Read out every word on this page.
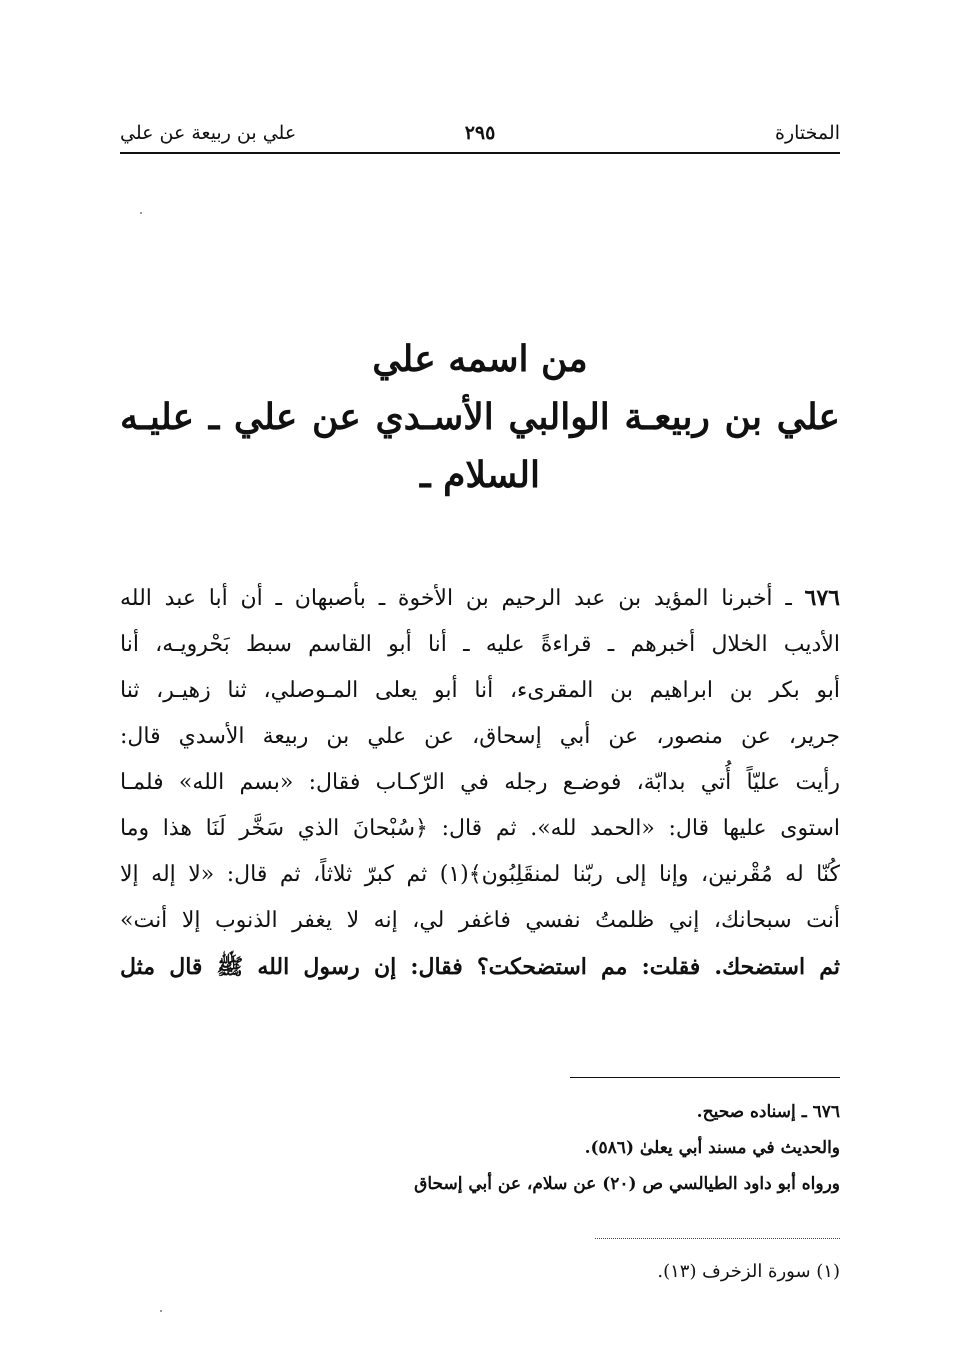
المختارة
٢٩٥
علي بن ربيعة عن علي
من اسمه علي
علي بن ربيعـة الوالبي الأسـدي عن علي ـ عليـه
السلام ـ
٦٧٦ ـ أخبرنا المؤيد بن عبد الرحيم بن الأخوة ـ بأصبهان ـ أن أبا عبد الله
الأديب الخلال أخبرهم ـ قراءةً عليه ـ أنا أبو القاسم سبط بَحْرويـه، أنا
أبو بكر بن ابراهيم بن المقرىء، أنا أبو يعلى المـوصلي، ثنا زهيـر، ثنا
جرير، عن منصور، عن أبي إسحاق، عن علي بن ربيعة الأسدي قال:
رأيت عليّاً أُتي بدابّة، فوضـع رجله في الرّكـاب فقال: «بسم الله» فلمـا
استوى عليها قال: «الحمد لله». ثم قال: ﴿سُبْحانَ الذي سَخَّر لَنَا هذا وما
كُنّا له مُقْرنين، وإنا إلى ربّنا لمنقَلِبُون﴾(١) ثم كبرّ ثلاثاً، ثم قال: «لا إله إلا
أنت سبحانك، إني ظلمتُ نفسي فاغفر لي، إنه لا يغفر الذنوب إلا أنت»
ثم استضحك. فقلت: مم استضحكت؟ فقال: إن رسول الله ﷺ قال مثل
٦٧٦ ـ إسناده صحيح.
والحديث في مسند أبي يعلىٰ (٥٨٦).
ورواه أبو داود الطيالسي ص (٢٠) عن سلام، عن أبي إسحاق
(١) سورة الزخرف (١٣).
